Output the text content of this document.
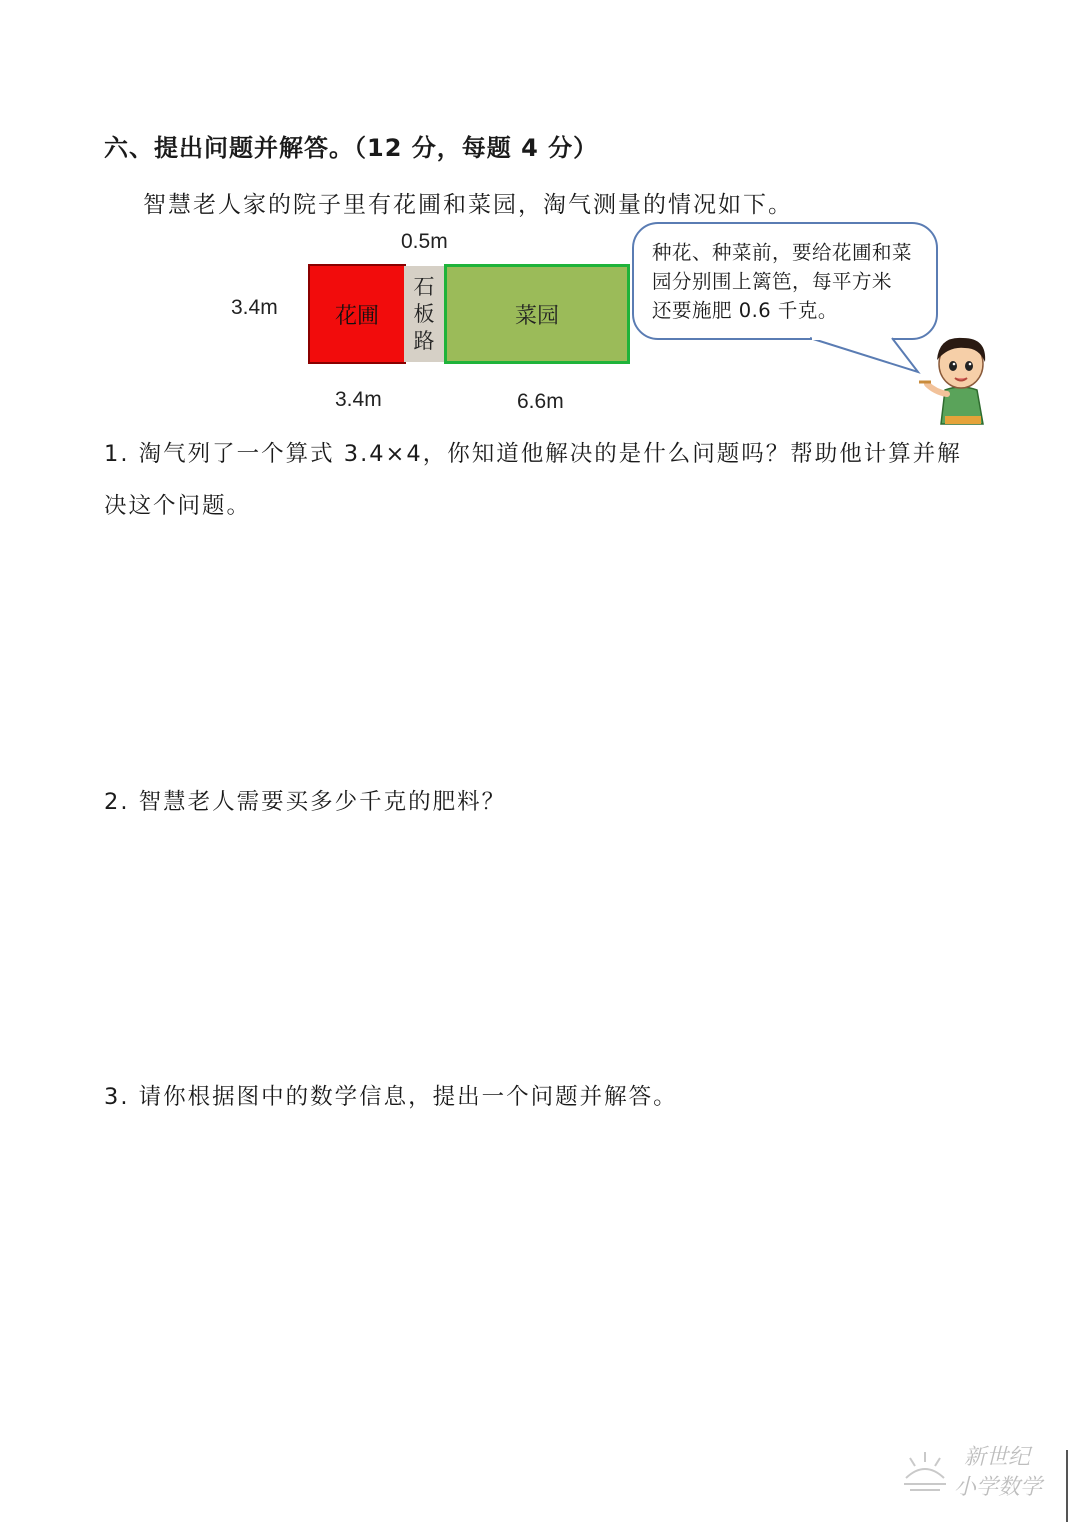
六、提出问题并解答。（12 分，每题 4 分）
智慧老人家的院子里有花圃和菜园，淘气测量的情况如下。
0.5m
3.4m
3.4m	6.6m
花圃
石
板
路
菜园
种花、种菜前，要给花圃和菜
园分别围上篱笆，每平方米
还要施肥 0.6 千克。
1. 淘气列了一个算式 3.4×4，你知道他解决的是什么问题吗？帮助他计算并解
决这个问题。
2. 智慧老人需要买多少千克的肥料？
3. 请你根据图中的数学信息，提出一个问题并解答。
新世纪
小学数学
